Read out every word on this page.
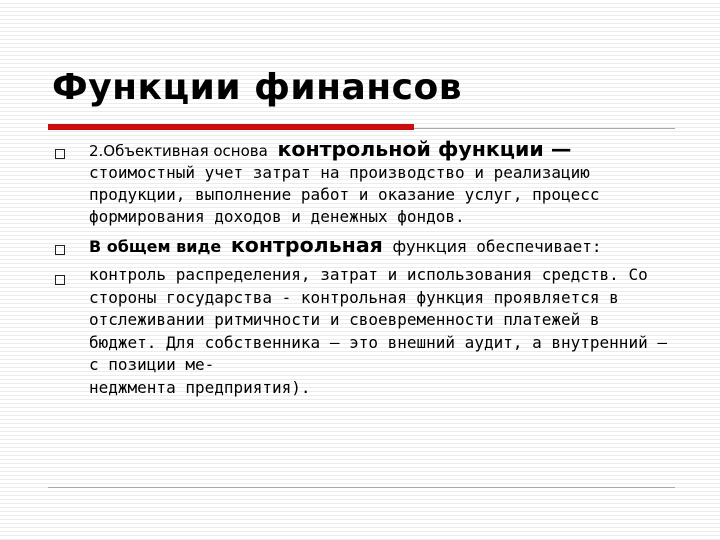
Функции финансов
2.Объективная основа контрольной функции — стоимостный учет затрат на производство и реализацию продукции, выполнение работ и оказание услуг, процесс формирования доходов и денежных фондов.
В общем виде контрольная функция обеспечивает:
контроль распределения, затрат и использования средств. Со стороны государства - контрольная функция проявляется в отслеживании ритмичности и своевременности платежей в бюджет. Для собственника – это внешний аудит, а внутренний – с позиции ме-
неджмента предприятия).
